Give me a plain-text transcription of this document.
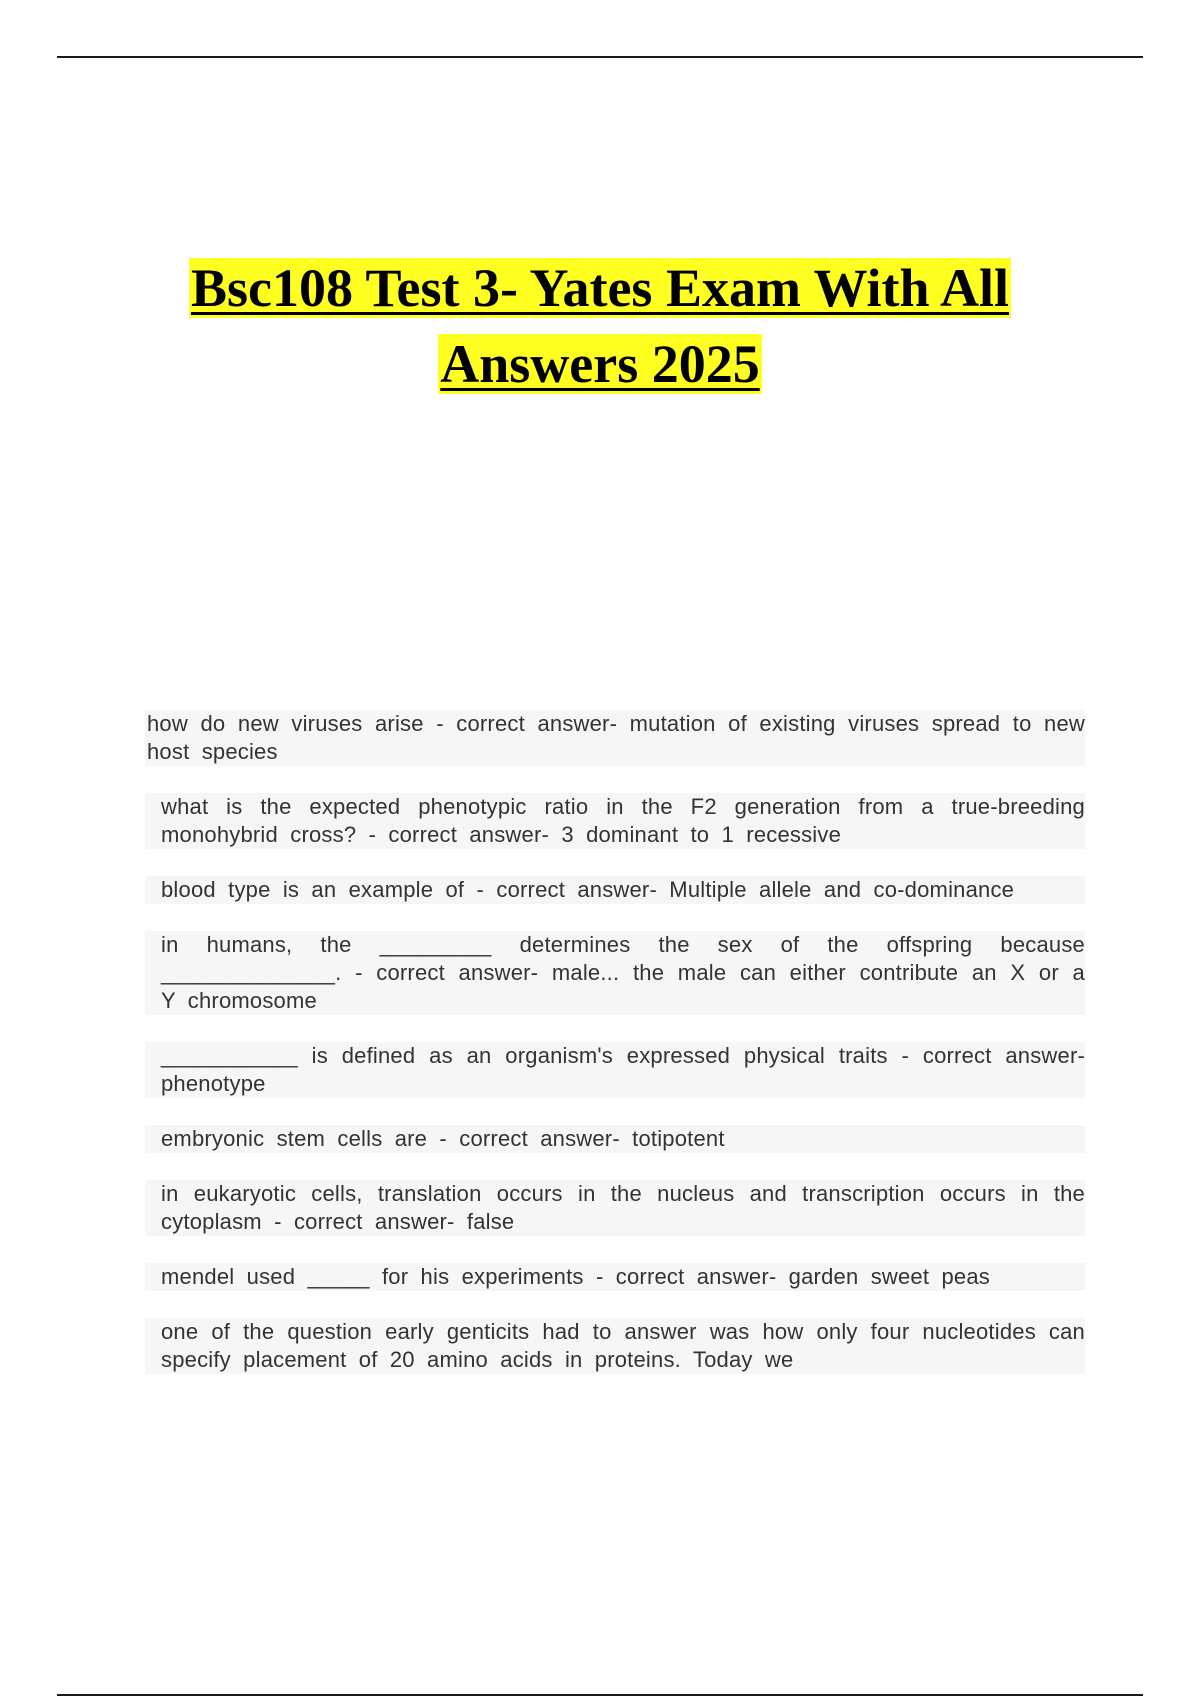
Bsc108 Test 3- Yates Exam With All
Answers 2025
how do new viruses arise - correct answer- mutation of existing viruses spread to new host species
what is the expected phenotypic ratio in the F2 generation from a true-breeding monohybrid cross? - correct answer- 3 dominant to 1 recessive
blood type is an example of - correct answer- Multiple allele and co-dominance
in humans, the _________ determines the sex of the offspring because ______________. - correct answer- male... the male can either contribute an X or a Y chromosome
___________ is defined as an organism's expressed physical traits - correct answer- phenotype
embryonic stem cells are - correct answer- totipotent
in eukaryotic cells, translation occurs in the nucleus and transcription occurs in the cytoplasm - correct answer- false
mendel used _____ for his experiments - correct answer- garden sweet peas
one of the question early genticits had to answer was how only four nucleotides can specify placement of 20 amino acids in proteins. Today we
